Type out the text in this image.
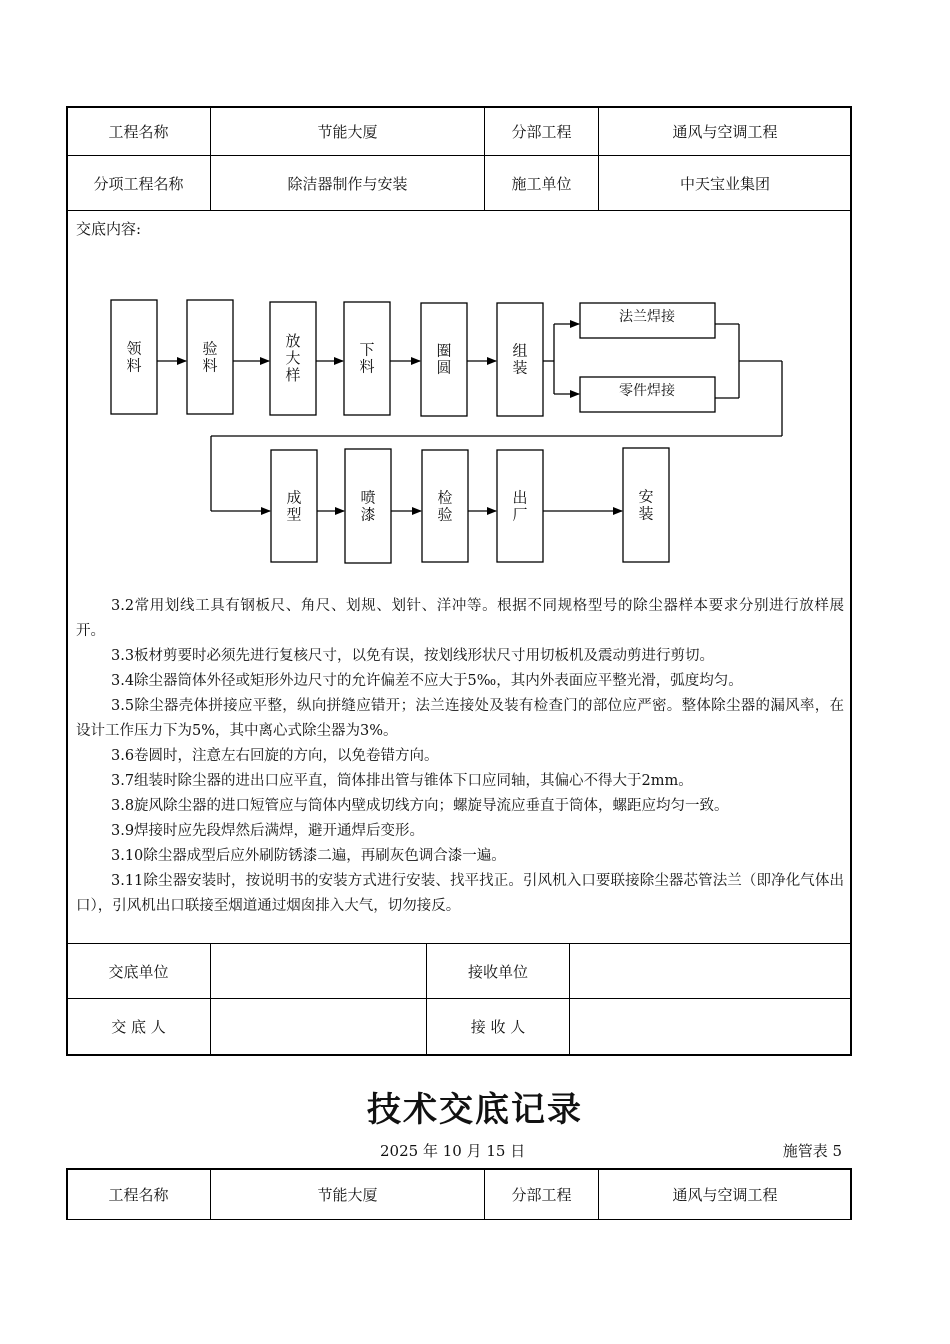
工程名称	节能大厦	分部工程	通风与空调工程
分项工程名称	除洁器制作与安装	施工单位	中天宝业集团
交底内容:
领
料
验
料
放
大
样
下
料
圈
圆
组
装
成
型
喷
漆
检
验
出
厂
安
装
法兰焊接
零件焊接

3.2常用划线工具有钢板尺、角尺、划规、划针、洋冲等。根据不同规格型号的除尘器样本要求分别进行放样展开。

3.3板材剪要时必须先进行复核尺寸，以免有误，按划线形状尺寸用切板机及震动剪进行剪切。

3.4除尘器筒体外径或矩形外边尺寸的允许偏差不应大于5‰，其内外表面应平整光滑，弧度均匀。

3.5除尘器壳体拼接应平整，纵向拼缝应错开；法兰连接处及装有检查门的部位应严密。整体除尘器的漏风率，在设计工作压力下为5%，其中离心式除尘器为3%。

3.6卷圆时，注意左右回旋的方向，以免卷错方向。

3.7组装时除尘器的进出口应平直，筒体排出管与锥体下口应同轴，其偏心不得大于2mm。

3.8旋风除尘器的进口短管应与筒体内壁成切线方向；螺旋导流应垂直于筒体，螺距应均匀一致。

3.9焊接时应先段焊然后满焊，避开通焊后变形。

3.10除尘器成型后应外刷防锈漆二遍，再刷灰色调合漆一遍。

3.11除尘器安装时，按说明书的安装方式进行安装、找平找正。引风机入口要联接除尘器芯管法兰（即净化气体出口），引风机出口联接至烟道通过烟囱排入大气，切勿接反。

交底单位	接收单位
交 底 人	接 收 人
技术交底记录
2025 年 10 月 15 日	施管表 5
工程名称	节能大厦	分部工程	通风与空调工程
